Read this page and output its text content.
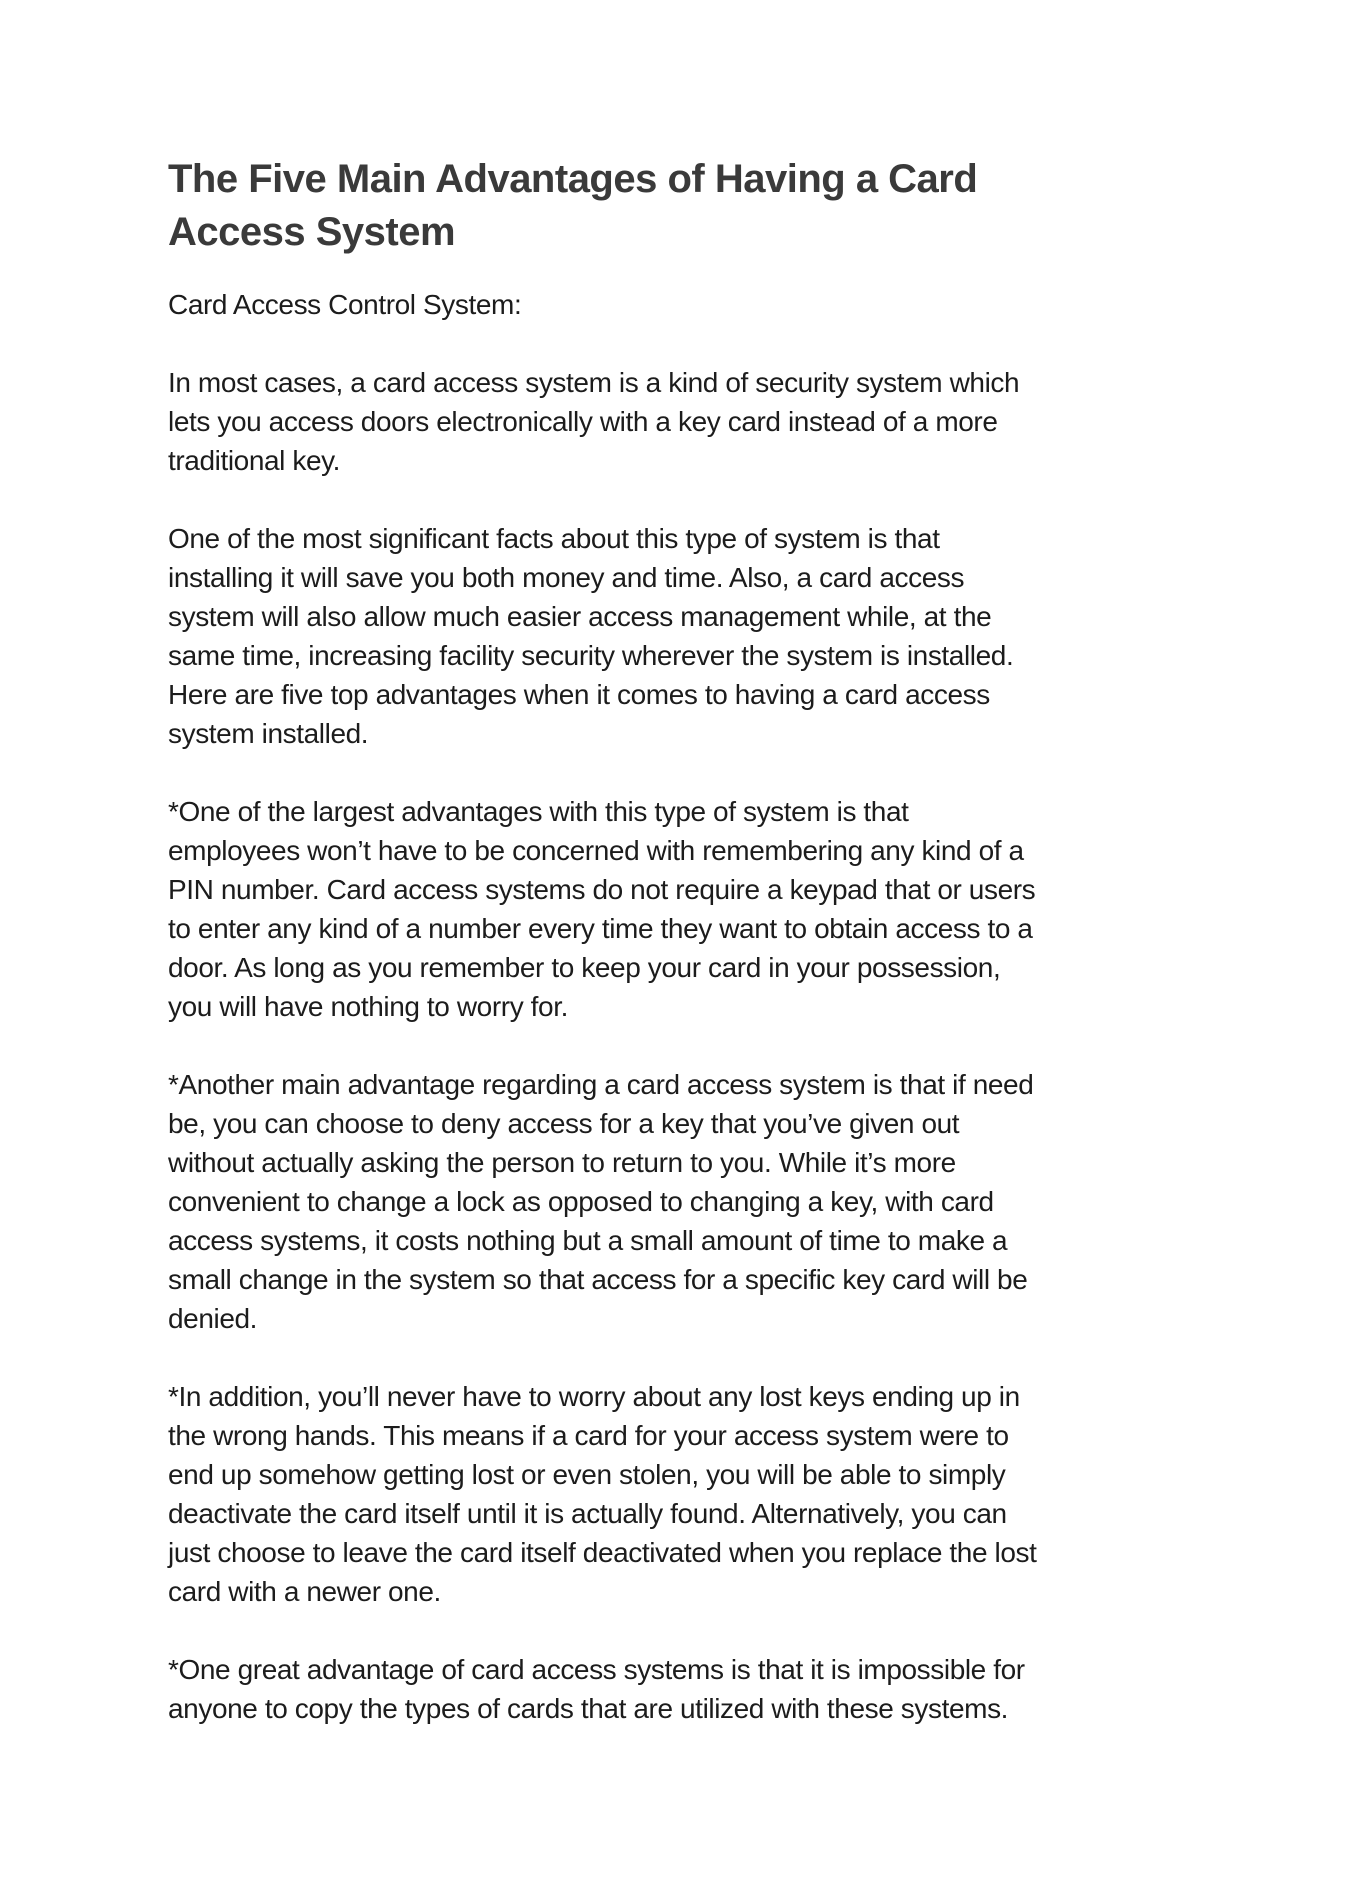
The Five Main Advantages of Having a Card
Access System

Card Access Control System:

In most cases, a card access system is a kind of security system which
lets you access doors electronically with a key card instead of a more
traditional key.

One of the most significant facts about this type of system is that
installing it will save you both money and time. Also, a card access
system will also allow much easier access management while, at the
same time, increasing facility security wherever the system is installed.
Here are five top advantages when it comes to having a card access
system installed.

*One of the largest advantages with this type of system is that
employees won’t have to be concerned with remembering any kind of a
PIN number. Card access systems do not require a keypad that or users
to enter any kind of a number every time they want to obtain access to a
door. As long as you remember to keep your card in your possession,
you will have nothing to worry for.

*Another main advantage regarding a card access system is that if need
be, you can choose to deny access for a key that you’ve given out
without actually asking the person to return to you. While it’s more
convenient to change a lock as opposed to changing a key, with card
access systems, it costs nothing but a small amount of time to make a
small change in the system so that access for a specific key card will be
denied.

*In addition, you’ll never have to worry about any lost keys ending up in
the wrong hands. This means if a card for your access system were to
end up somehow getting lost or even stolen, you will be able to simply
deactivate the card itself until it is actually found. Alternatively, you can
just choose to leave the card itself deactivated when you replace the lost
card with a newer one.

*One great advantage of card access systems is that it is impossible for
anyone to copy the types of cards that are utilized with these systems.
